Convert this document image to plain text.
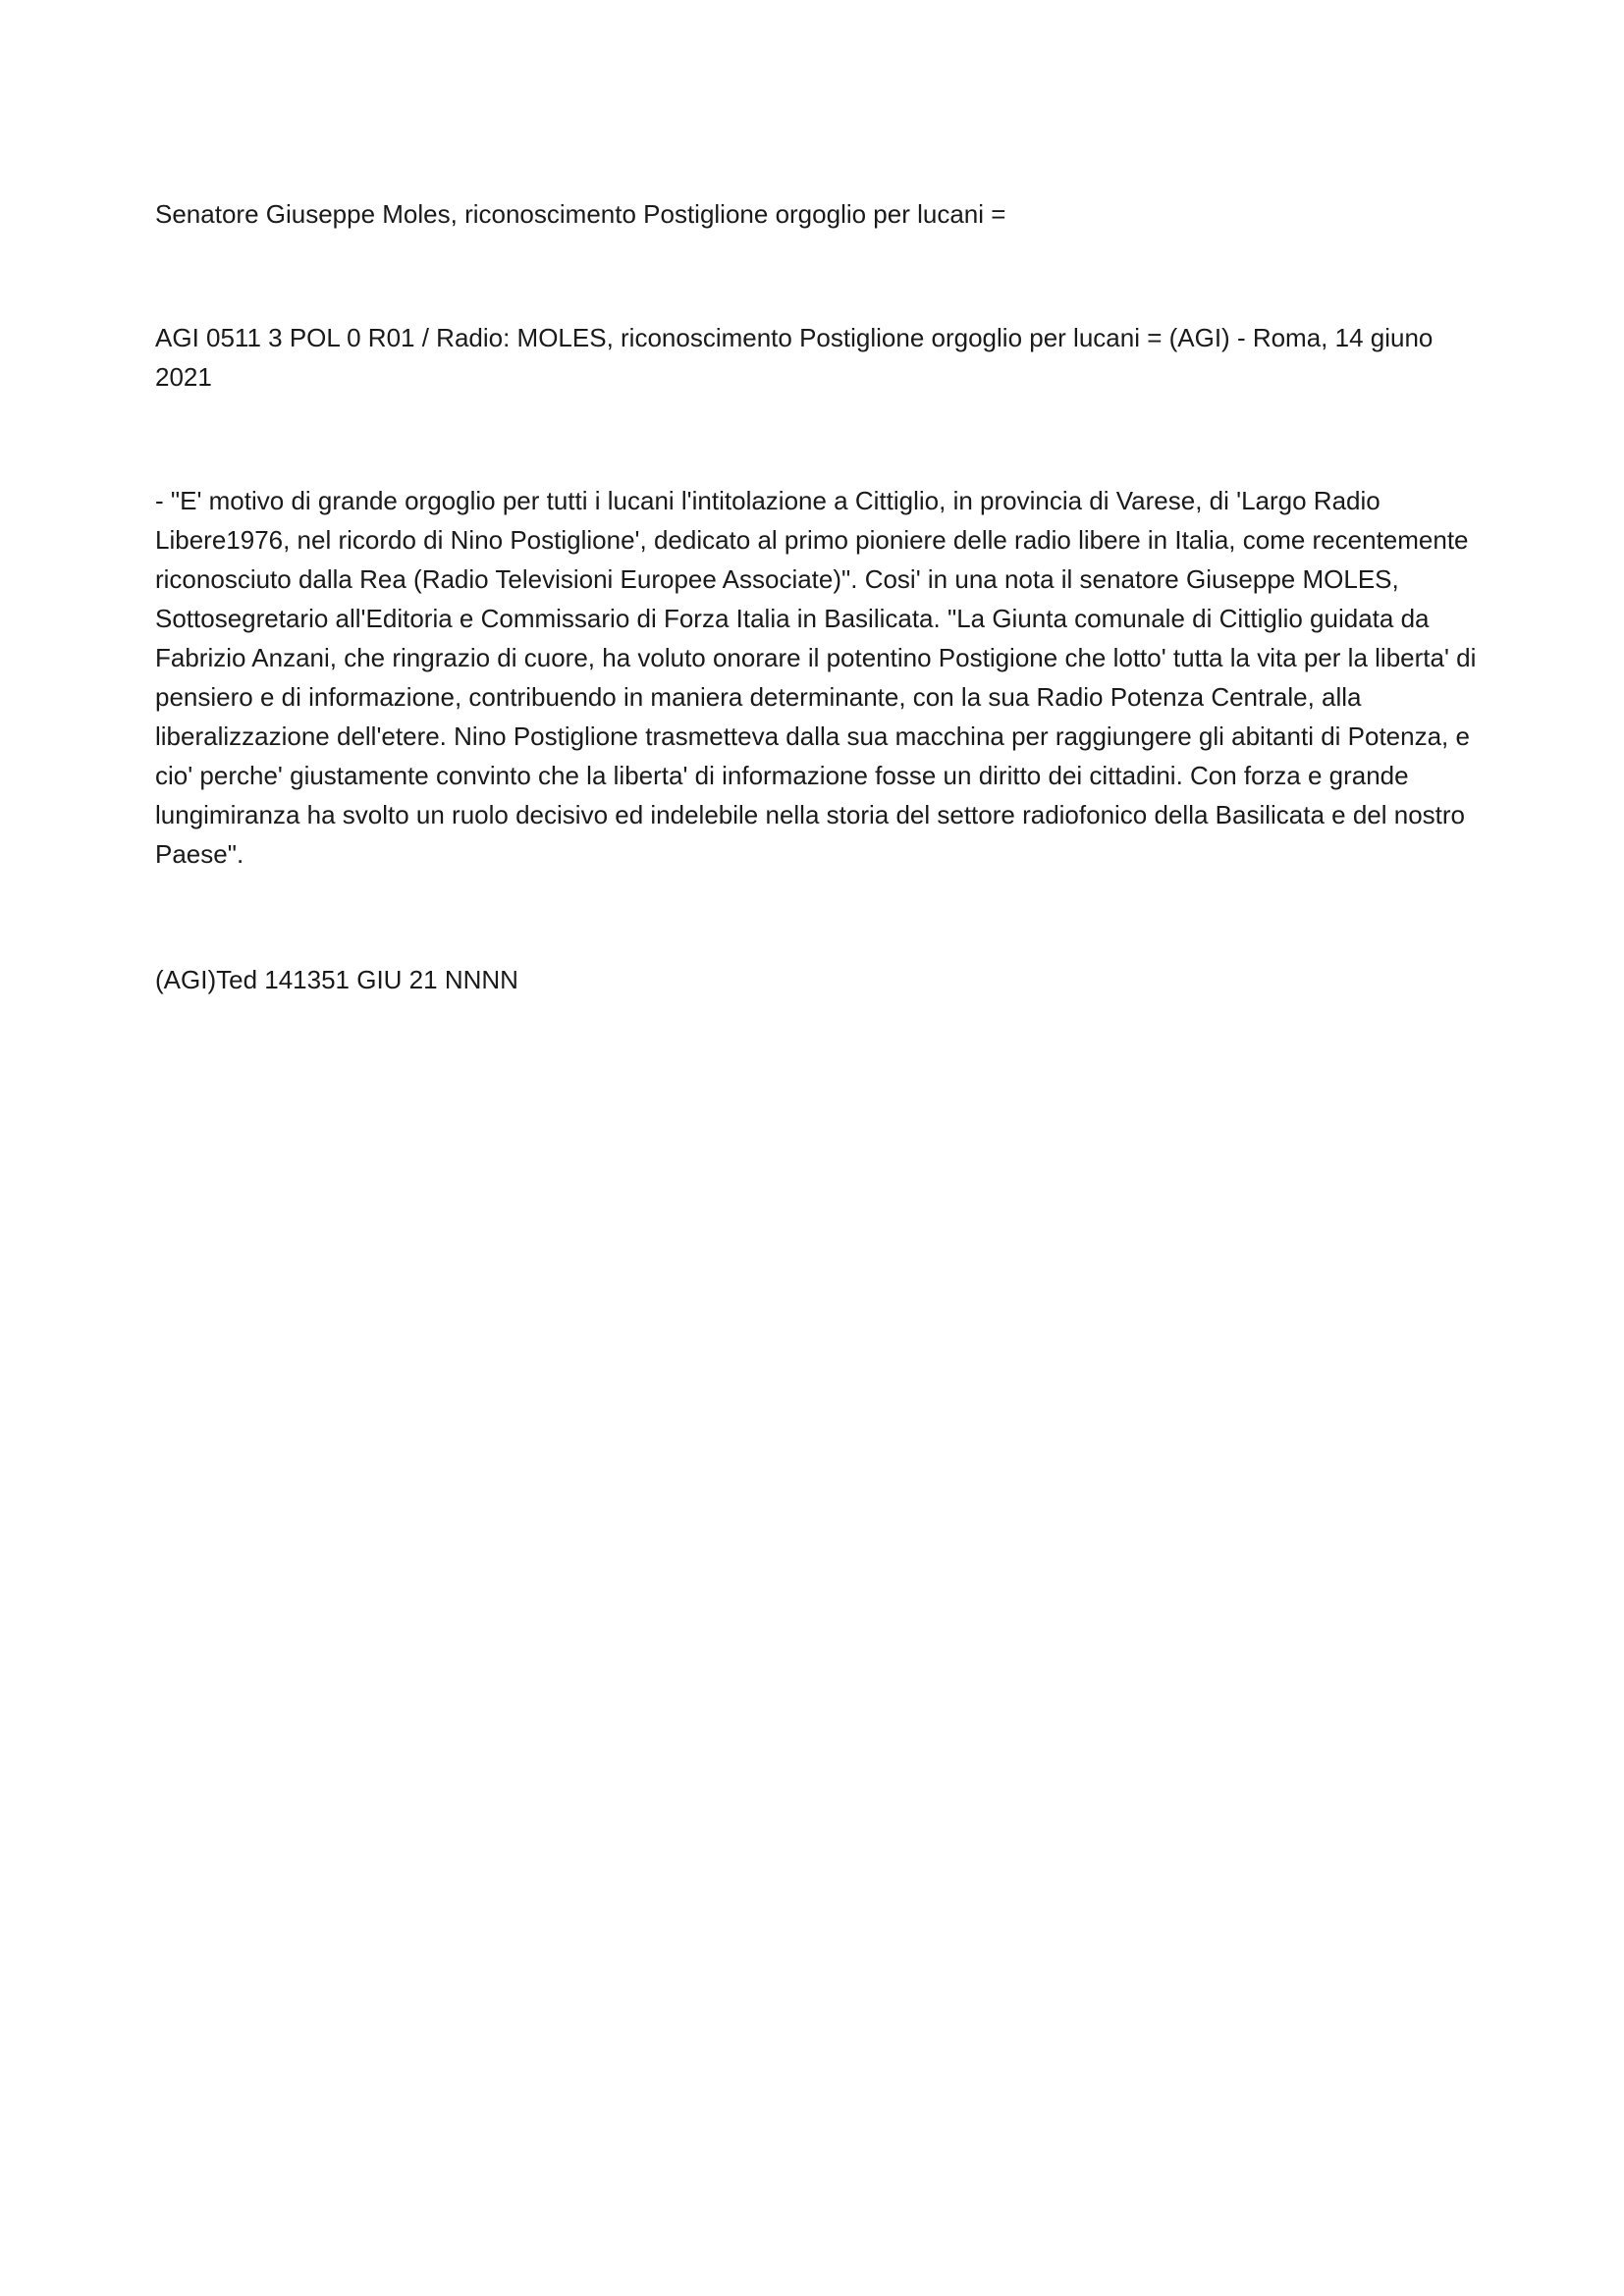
Senatore Giuseppe Moles, riconoscimento Postiglione orgoglio per lucani =

AGI 0511 3 POL 0 R01 / Radio: MOLES, riconoscimento Postiglione orgoglio per lucani = (AGI) - Roma, 14 giuno 2021

- "E' motivo di grande orgoglio per tutti i lucani l'intitolazione a Cittiglio, in provincia di Varese, di 'Largo Radio Libere1976, nel ricordo di Nino Postiglione', dedicato al primo pioniere delle radio libere in Italia, come recentemente riconosciuto dalla Rea (Radio Televisioni Europee Associate)". Cosi' in una nota il senatore Giuseppe MOLES, Sottosegretario all'Editoria e Commissario di Forza Italia in Basilicata. "La Giunta comunale di Cittiglio guidata da Fabrizio Anzani, che ringrazio di cuore, ha voluto onorare il potentino Postigione che lotto' tutta la vita per la liberta' di pensiero e di informazione, contribuendo in maniera determinante, con la sua Radio Potenza Centrale, alla liberalizzazione dell'etere. Nino Postiglione trasmetteva dalla sua macchina per raggiungere gli abitanti di Potenza, e cio' perche' giustamente convinto che la liberta' di informazione fosse un diritto dei cittadini. Con forza e grande lungimiranza ha svolto un ruolo decisivo ed indelebile nella storia del settore radiofonico della Basilicata e del nostro Paese".

(AGI)Ted 141351 GIU 21 NNNN
